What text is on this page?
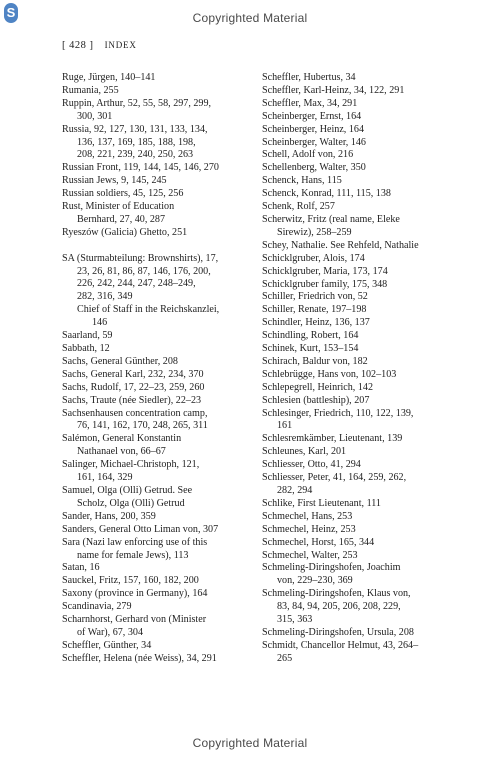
S	Copyrighted Material
[ 428 ] INDEX
Ruge, Jürgen, 140–141
Rumania, 255
Ruppin, Arthur, 52, 55, 58, 297, 299,
300, 301
Russia, 92, 127, 130, 131, 133, 134,
136, 137, 169, 185, 188, 198,
208, 221, 239, 240, 250, 263
Russian Front, 119, 144, 145, 146, 270
Russian Jews, 9, 145, 245
Russian soldiers, 45, 125, 256
Rust, Minister of Education
Bernhard, 27, 40, 287
Ryeszów (Galicia) Ghetto, 251
SA (Sturmabteilung: Brownshirts), 17,
23, 26, 81, 86, 87, 146, 176, 200,
226, 242, 244, 247, 248–249,
282, 316, 349
Chief of Staff in the Reichskanzlei,
146
Saarland, 59
Sabbath, 12
Sachs, General Günther, 208
Sachs, General Karl, 232, 234, 370
Sachs, Rudolf, 17, 22–23, 259, 260
Sachs, Traute (née Siedler), 22–23
Sachsenhausen concentration camp,
76, 141, 162, 170, 248, 265, 311
Salémon, General Konstantin
Nathanael von, 66–67
Salinger, Michael-Christoph, 121,
161, 164, 329
Samuel, Olga (Olli) Getrud. See
Scholz, Olga (Olli) Getrud
Sander, Hans, 200, 359
Sanders, General Otto Liman von, 307
Sara (Nazi law enforcing use of this
name for female Jews), 113
Satan, 16
Sauckel, Fritz, 157, 160, 182, 200
Saxony (province in Germany), 164
Scandinavia, 279
Scharnhorst, Gerhard von (Minister
of War), 67, 304
Scheffler, Günther, 34
Scheffler, Helena (née Weiss), 34, 291
Scheffler, Hubertus, 34
Scheffler, Karl-Heinz, 34, 122, 291
Scheffler, Max, 34, 291
Scheinberger, Ernst, 164
Scheinberger, Heinz, 164
Scheinberger, Walter, 146
Schell, Adolf von, 216
Schellenberg, Walter, 350
Schenck, Hans, 115
Schenck, Konrad, 111, 115, 138
Schenk, Rolf, 257
Scherwitz, Fritz (real name, Eleke
Sirewiz), 258–259
Schey, Nathalie. See Rehfeld, Nathalie
Schicklgruber, Alois, 174
Schicklgruber, Maria, 173, 174
Schicklgruber family, 175, 348
Schiller, Friedrich von, 52
Schiller, Renate, 197–198
Schindler, Heinz, 136, 137
Schindling, Robert, 164
Schinek, Kurt, 153–154
Schirach, Baldur von, 182
Schlebrügge, Hans von, 102–103
Schlepegrell, Heinrich, 142
Schlesien (battleship), 207
Schlesinger, Friedrich, 110, 122, 139,
161
Schlesremkämber, Lieutenant, 139
Schleunes, Karl, 201
Schliesser, Otto, 41, 294
Schliesser, Peter, 41, 164, 259, 262,
282, 294
Schlike, First Lieutenant, 111
Schmechel, Hans, 253
Schmechel, Heinz, 253
Schmechel, Horst, 165, 344
Schmechel, Walter, 253
Schmeling-Diringshofen, Joachim
von, 229–230, 369
Schmeling-Diringshofen, Klaus von,
83, 84, 94, 205, 206, 208, 229,
315, 363
Schmeling-Diringshofen, Ursula, 208
Schmidt, Chancellor Helmut, 43, 264–
265
Copyrighted Material
